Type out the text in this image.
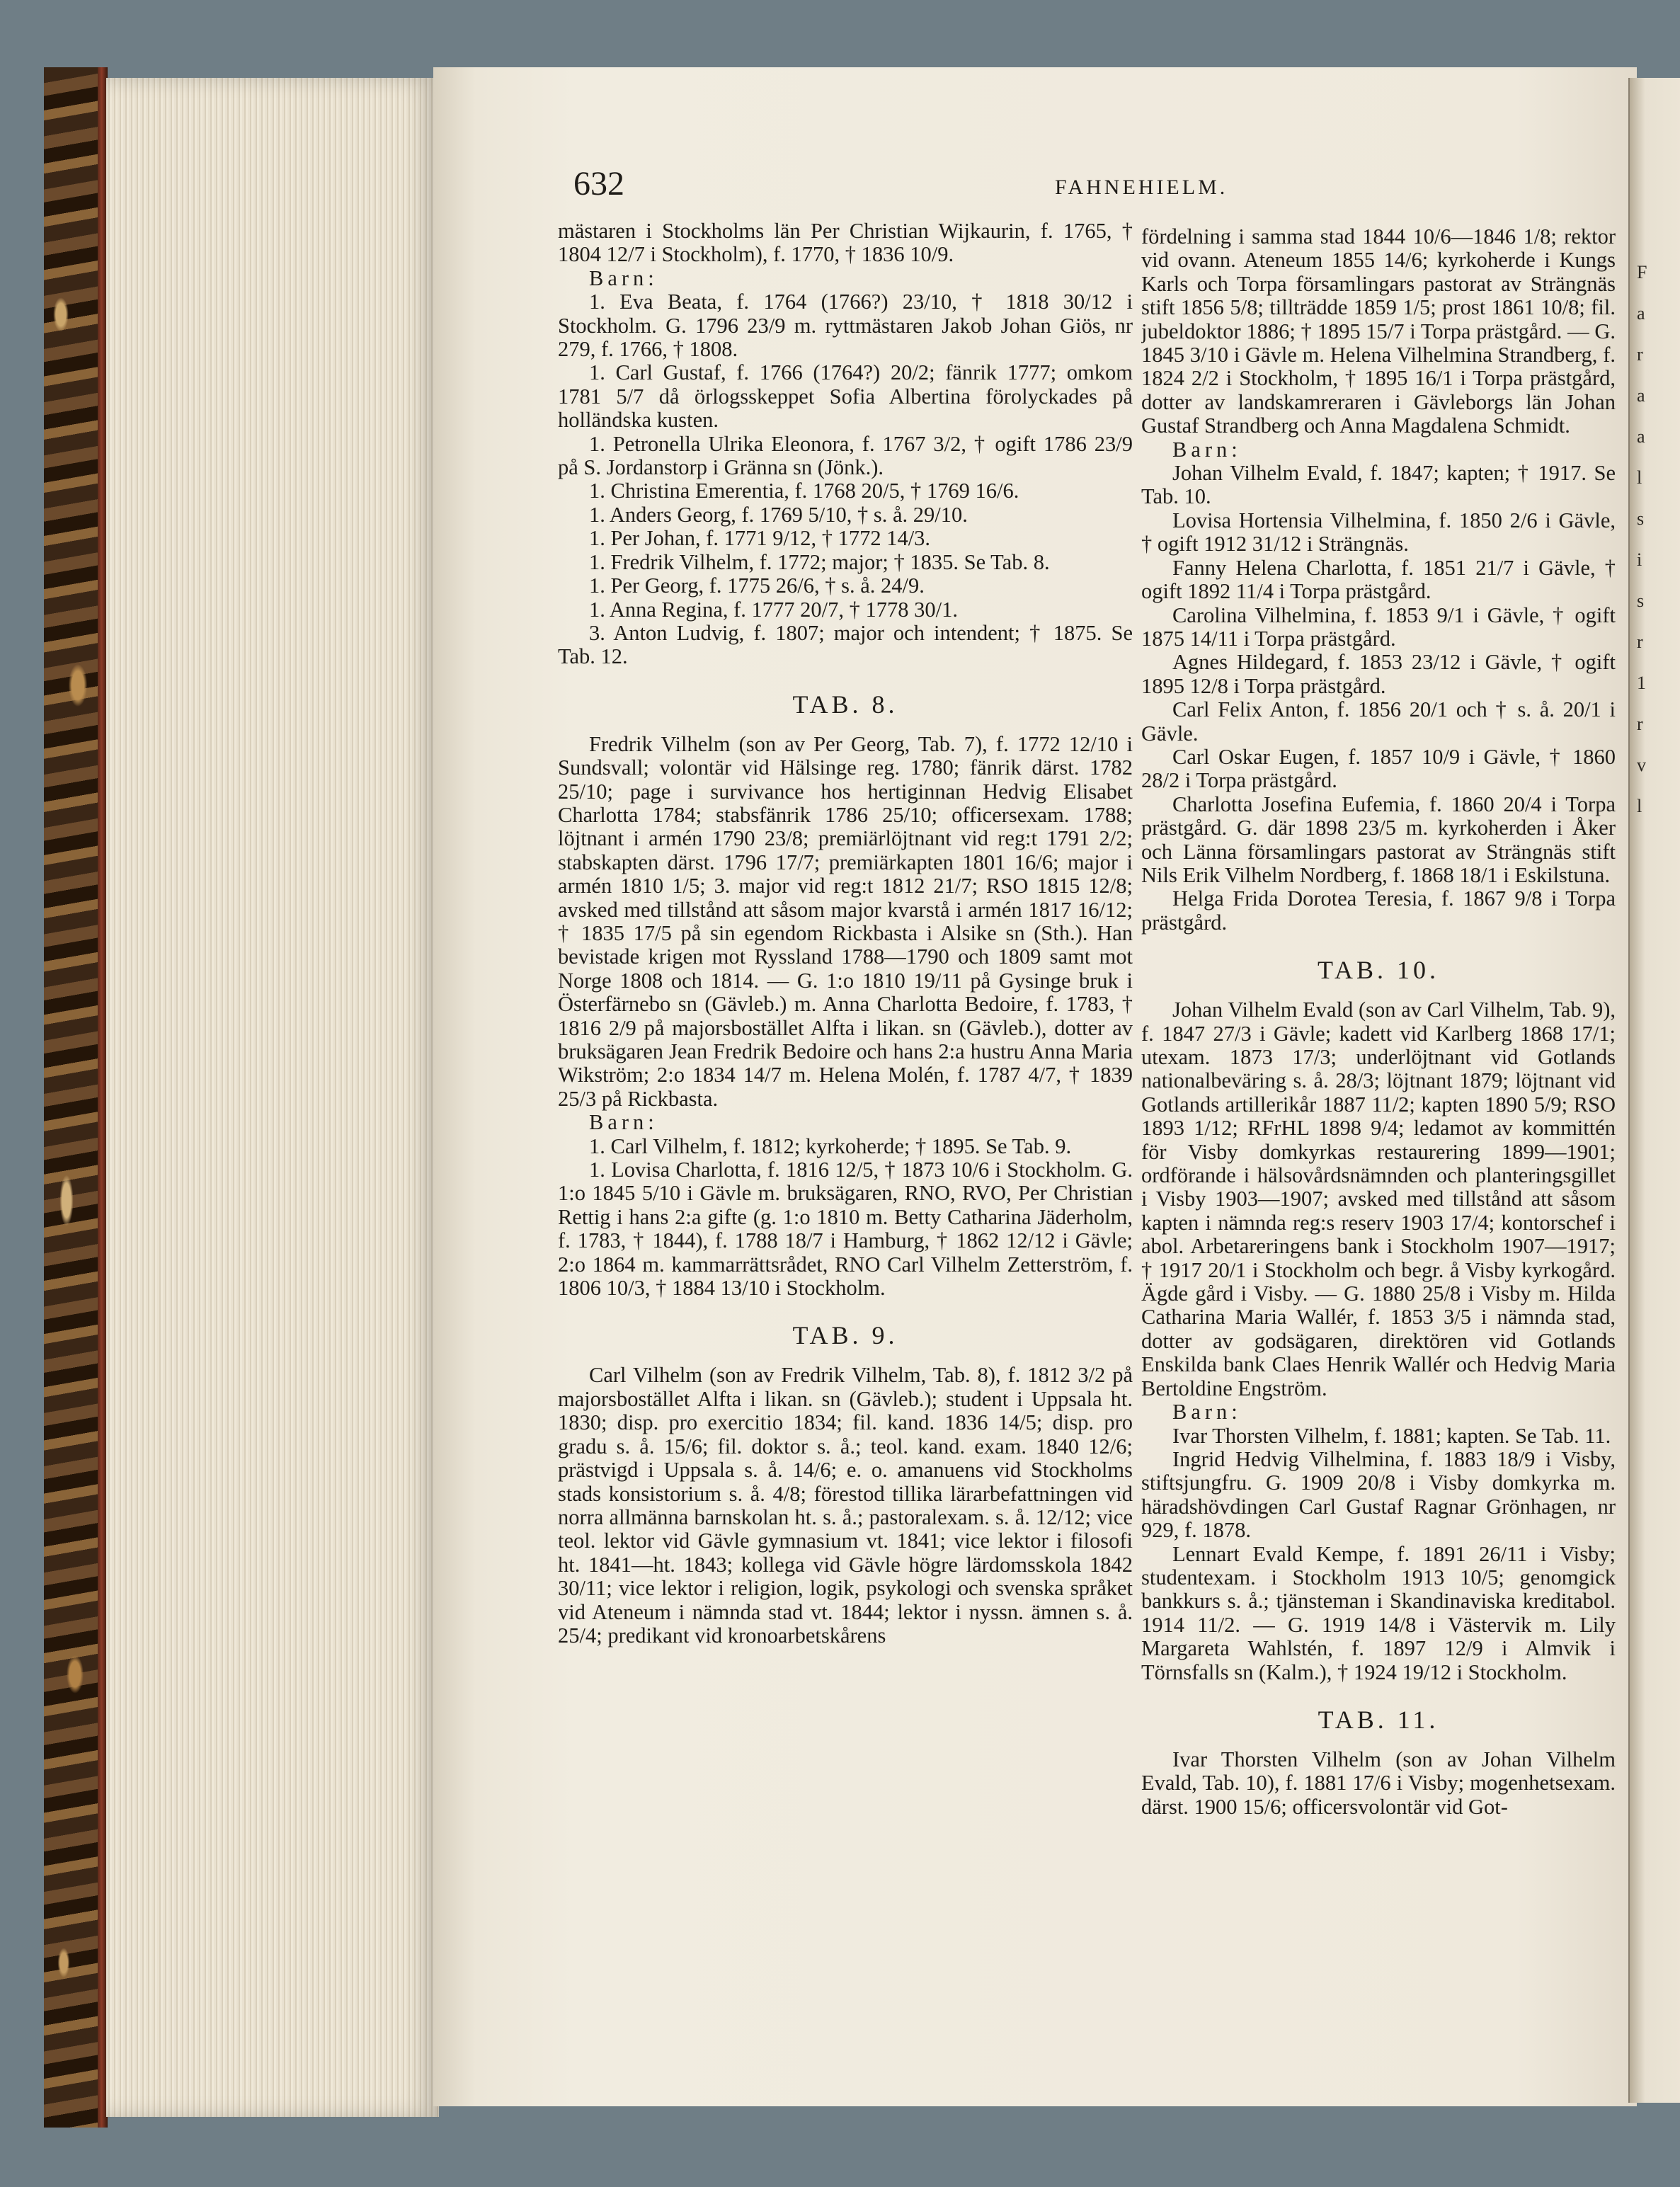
632	FAHNEHIELM.

mästaren i Stockholms län Per Christian Wijkaurin, f. 1765, † 1804 12/7 i Stockholm), f. 1770, † 1836 10/9.

Barn:

1. Eva Beata, f. 1764 (1766?) 23/10, † 1818 30/12 i Stockholm. G. 1796 23/9 m. ryttmästaren Jakob Johan Giös, nr 279, f. 1766, † 1808.

1. Carl Gustaf, f. 1766 (1764?) 20/2; fänrik 1777; omkom 1781 5/7 då örlogsskeppet Sofia Albertina förolyckades på holländska kusten.

1. Petronella Ulrika Eleonora, f. 1767 3/2, † ogift 1786 23/9 på S. Jordanstorp i Gränna sn (Jönk.).

1. Christina Emerentia, f. 1768 20/5, † 1769 16/6.

1. Anders Georg, f. 1769 5/10, † s. å. 29/10.

1. Per Johan, f. 1771 9/12, † 1772 14/3.

1. Fredrik Vilhelm, f. 1772; major; † 1835. Se Tab. 8.

1. Per Georg, f. 1775 26/6, † s. å. 24/9.

1. Anna Regina, f. 1777 20/7, † 1778 30/1.

3. Anton Ludvig, f. 1807; major och intendent; † 1875. Se Tab. 12.

TAB. 8.

Fredrik Vilhelm (son av Per Georg, Tab. 7), f. 1772 12/10 i Sundsvall; volontär vid Hälsinge reg. 1780; fänrik därst. 1782 25/10; page i survivance hos hertiginnan Hedvig Elisabet Charlotta 1784; stabsfänrik 1786 25/10; officersexam. 1788; löjtnant i armén 1790 23/8; premiärlöjtnant vid reg:t 1791 2/2; stabskapten därst. 1796 17/7; premiärkapten 1801 16/6; major i armén 1810 1/5; 3. major vid reg:t 1812 21/7; RSO 1815 12/8; avsked med tillstånd att såsom major kvarstå i armén 1817 16/12; † 1835 17/5 på sin egendom Rickbasta i Alsike sn (Sth.). Han bevistade krigen mot Ryssland 1788—1790 och 1809 samt mot Norge 1808 och 1814. — G. 1:o 1810 19/11 på Gysinge bruk i Österfärnebo sn (Gävleb.) m. Anna Charlotta Bedoire, f. 1783, † 1816 2/9 på majorsbostället Alfta i likan. sn (Gävleb.), dotter av bruksägaren Jean Fredrik Bedoire och hans 2:a hustru Anna Maria Wikström; 2:o 1834 14/7 m. Helena Molén, f. 1787 4/7, † 1839 25/3 på Rickbasta.

Barn:

1. Carl Vilhelm, f. 1812; kyrkoherde; † 1895. Se Tab. 9.

1. Lovisa Charlotta, f. 1816 12/5, † 1873 10/6 i Stockholm. G. 1:o 1845 5/10 i Gävle m. bruksägaren, RNO, RVO, Per Christian Rettig i hans 2:a gifte (g. 1:o 1810 m. Betty Catharina Jäderholm, f. 1783, † 1844), f. 1788 18/7 i Hamburg, † 1862 12/12 i Gävle; 2:o 1864 m. kammarrättsrådet, RNO Carl Vilhelm Zetterström, f. 1806 10/3, † 1884 13/10 i Stockholm.

TAB. 9.

Carl Vilhelm (son av Fredrik Vilhelm, Tab. 8), f. 1812 3/2 på majorsbostället Alfta i likan. sn (Gävleb.); student i Uppsala ht. 1830; disp. pro exercitio 1834; fil. kand. 1836 14/5; disp. pro gradu s. å. 15/6; fil. doktor s. å.; teol. kand. exam. 1840 12/6; prästvigd i Uppsala s. å. 14/6; e. o. amanuens vid Stockholms stads konsistorium s. å. 4/8; förestod tillika lärarbefattningen vid norra allmänna barnskolan ht. s. å.; pastoralexam. s. å. 12/12; vice teol. lektor vid Gävle gymnasium vt. 1841; vice lektor i filosofi ht. 1841—ht. 1843; kollega vid Gävle högre lärdomsskola 1842 30/11; vice lektor i religion, logik, psykologi och svenska språket vid Ateneum i nämnda stad vt. 1844; lektor i nyssn. ämnen s. å. 25/4; predikant vid kronoarbetskårens

fördelning i samma stad 1844 10/6—1846 1/8; rektor vid ovann. Ateneum 1855 14/6; kyrkoherde i Kungs Karls och Torpa församlingars pastorat av Strängnäs stift 1856 5/8; tillträdde 1859 1/5; prost 1861 10/8; fil. jubeldoktor 1886; † 1895 15/7 i Torpa prästgård. — G. 1845 3/10 i Gävle m. Helena Vilhelmina Strandberg, f. 1824 2/2 i Stockholm, † 1895 16/1 i Torpa prästgård, dotter av landskamreraren i Gävleborgs län Johan Gustaf Strandberg och Anna Magdalena Schmidt.

Barn:

Johan Vilhelm Evald, f. 1847; kapten; † 1917. Se Tab. 10.

Lovisa Hortensia Vilhelmina, f. 1850 2/6 i Gävle, † ogift 1912 31/12 i Strängnäs.

Fanny Helena Charlotta, f. 1851 21/7 i Gävle, † ogift 1892 11/4 i Torpa prästgård.

Carolina Vilhelmina, f. 1853 9/1 i Gävle, † ogift 1875 14/11 i Torpa prästgård.

Agnes Hildegard, f. 1853 23/12 i Gävle, † ogift 1895 12/8 i Torpa prästgård.

Carl Felix Anton, f. 1856 20/1 och † s. å. 20/1 i Gävle.

Carl Oskar Eugen, f. 1857 10/9 i Gävle, † 1860 28/2 i Torpa prästgård.

Charlotta Josefina Eufemia, f. 1860 20/4 i Torpa prästgård. G. där 1898 23/5 m. kyrkoherden i Åker och Länna församlingars pastorat av Strängnäs stift Nils Erik Vilhelm Nordberg, f. 1868 18/1 i Eskilstuna.

Helga Frida Dorotea Teresia, f. 1867 9/8 i Torpa prästgård.

TAB. 10.

Johan Vilhelm Evald (son av Carl Vilhelm, Tab. 9), f. 1847 27/3 i Gävle; kadett vid Karlberg 1868 17/1; utexam. 1873 17/3; underlöjtnant vid Gotlands nationalbeväring s. å. 28/3; löjtnant 1879; löjtnant vid Gotlands artillerikår 1887 11/2; kapten 1890 5/9; RSO 1893 1/12; RFrHL 1898 9/4; ledamot av kommittén för Visby domkyrkas restaurering 1899—1901; ordförande i hälsovårdsnämnden och planteringsgillet i Visby 1903—1907; avsked med tillstånd att såsom kapten i nämnda reg:s reserv 1903 17/4; kontorschef i abol. Arbetareringens bank i Stockholm 1907—1917; † 1917 20/1 i Stockholm och begr. å Visby kyrkogård. Ägde gård i Visby. — G. 1880 25/8 i Visby m. Hilda Catharina Maria Wallér, f. 1853 3/5 i nämnda stad, dotter av godsägaren, direktören vid Gotlands Enskilda bank Claes Henrik Wallér och Hedvig Maria Bertoldine Engström.

Barn:

Ivar Thorsten Vilhelm, f. 1881; kapten. Se Tab. 11.

Ingrid Hedvig Vilhelmina, f. 1883 18/9 i Visby, stiftsjungfru. G. 1909 20/8 i Visby domkyrka m. häradshövdingen Carl Gustaf Ragnar Grönhagen, nr 929, f. 1878.

Lennart Evald Kempe, f. 1891 26/11 i Visby; studentexam. i Stockholm 1913 10/5; genomgick bankkurs s. å.; tjänsteman i Skandinaviska kreditabol. 1914 11/2. — G. 1919 14/8 i Västervik m. Lily Margareta Wahlstén, f. 1897 12/9 i Almvik i Törnsfalls sn (Kalm.), † 1924 19/12 i Stockholm.

TAB. 11.

Ivar Thorsten Vilhelm (son av Johan Vilhelm Evald, Tab. 10), f. 1881 17/6 i Visby; mogenhetsexam. därst. 1900 15/6; officersvolontär vid Got-

F
a
r
a
a
l
s
i
s
r
1
r
v
l
